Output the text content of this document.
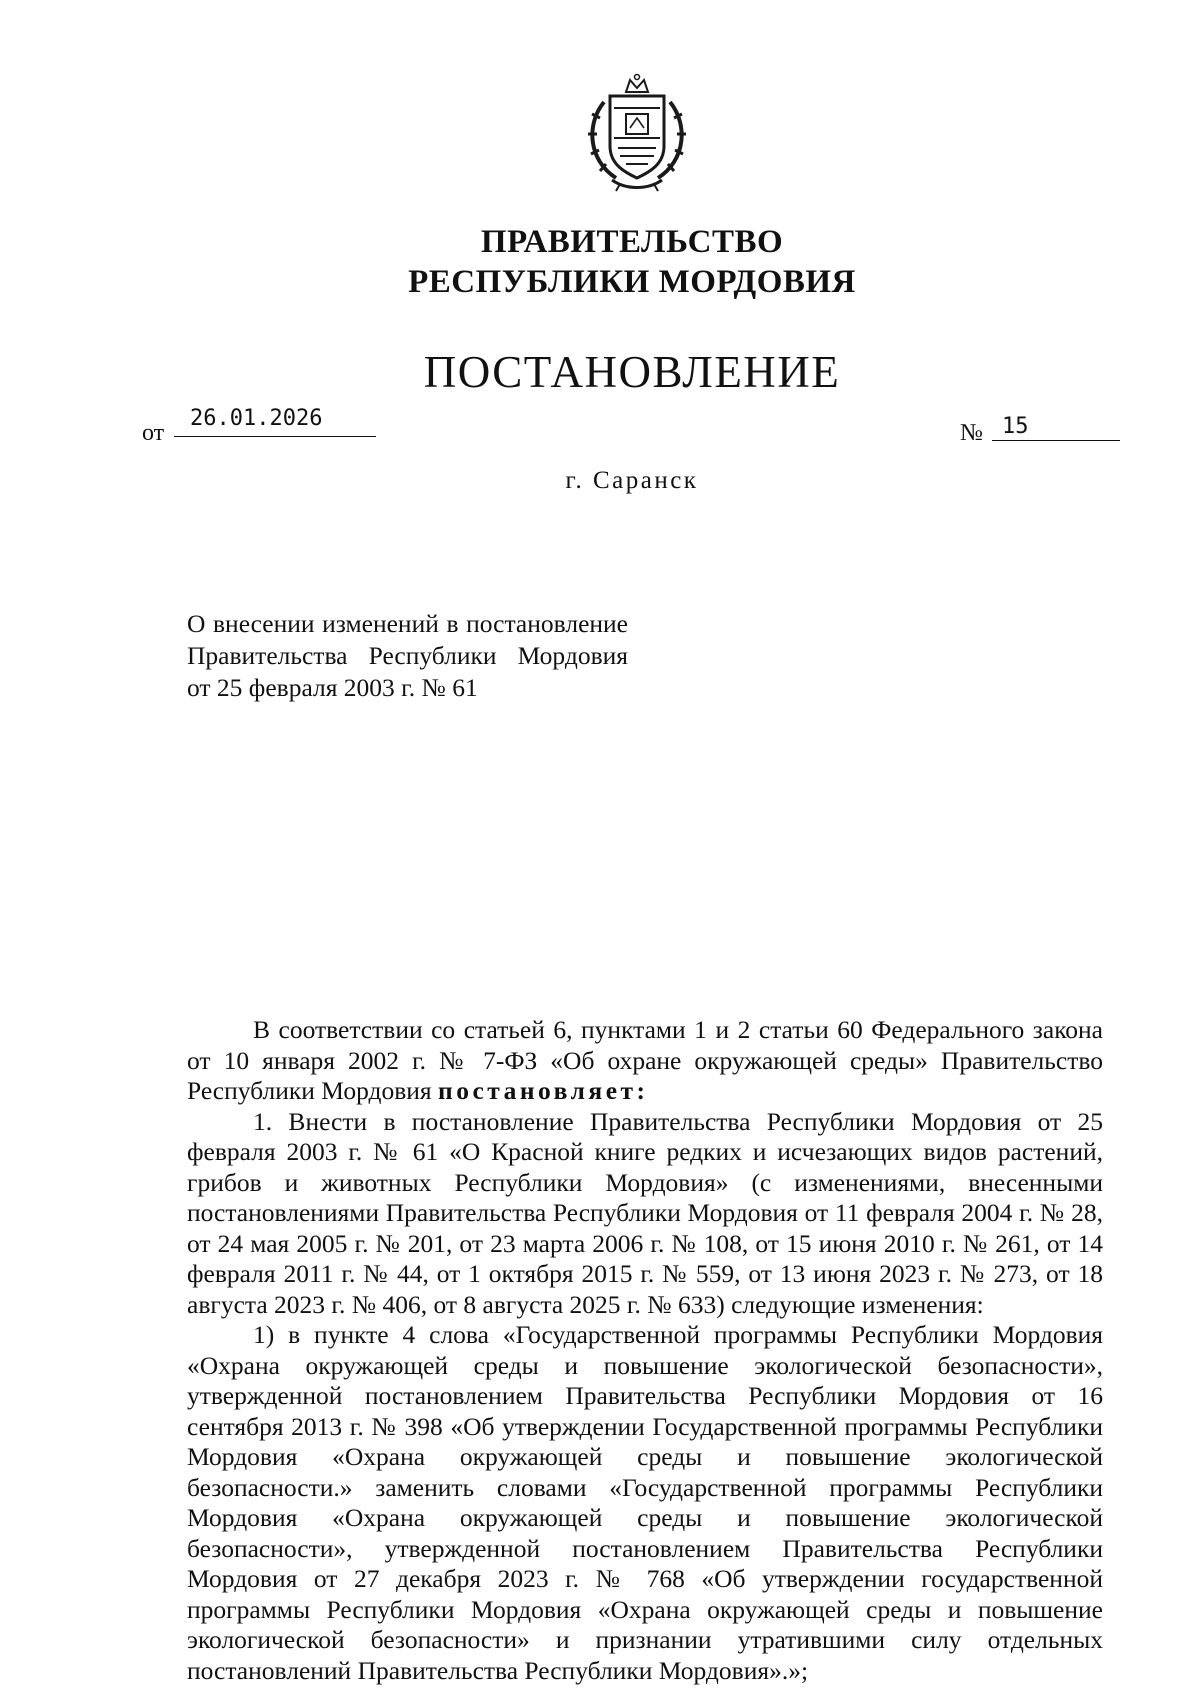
ПРАВИТЕЛЬСТВО
РЕСПУБЛИКИ МОРДОВИЯ
ПОСТАНОВЛЕНИЕ
от
26.01.2026
№ 15
г. Саранск
О внесении изменений в постановление Правительства Республики Мордовия от 25 февраля 2003 г. № 61

В соответствии со статьей 6, пунктами 1 и 2 статьи 60 Федерального закона от 10 января 2002 г. № 7-ФЗ «Об охране окружающей среды» Правительство Республики Мордовия постановляет:

1. Внести в постановление Правительства Республики Мордовия от 25 февраля 2003 г. № 61 «О Красной книге редких и исчезающих видов растений, грибов и животных Республики Мордовия» (с изменениями, внесенными постановлениями Правительства Республики Мордовия от 11 февраля 2004 г. № 28, от 24 мая 2005 г. № 201, от 23 марта 2006 г. № 108, от 15 июня 2010 г. № 261, от 14 февраля 2011 г. № 44, от 1 октября 2015 г. № 559, от 13 июня 2023 г. № 273, от 18 августа 2023 г. № 406, от 8 августа 2025 г. № 633) следующие изменения:

1) в пункте 4 слова «Государственной программы Республики Мордовия «Охрана окружающей среды и повышение экологической безопасности», утвержденной постановлением Правительства Республики Мордовия от 16 сентября 2013 г. № 398 «Об утверждении Государственной программы Республики Мордовия «Охрана окружающей среды и повышение экологической безопасности.» заменить словами «Государственной программы Республики Мордовия «Охрана окружающей среды и повышение экологической безопасности», утвержденной постановлением Правительства Республики Мордовия от 27 декабря 2023 г. № 768 «Об утверждении государственной программы Республики Мордовия «Охрана окружающей среды и повышение экологической безопасности» и признании утратившими силу отдельных постановлений Правительства Республики Мордовия».»;
